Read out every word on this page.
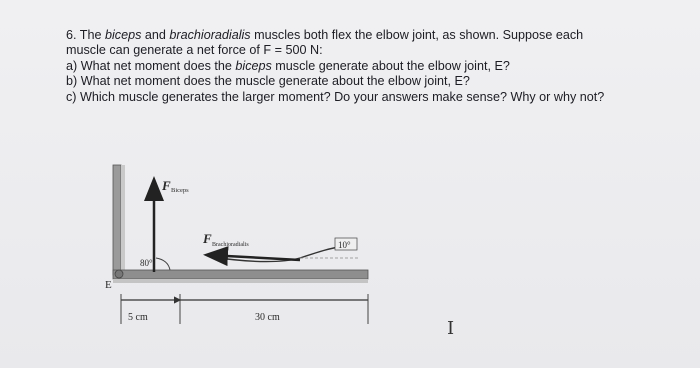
6. The biceps and brachioradialis muscles both flex the elbow joint, as shown. Suppose each
muscle can generate a net force of F = 500 N:
a) What net moment does the biceps muscle generate about the elbow joint, E?
b) What net moment does the muscle generate about the elbow joint, E?
c) Which muscle generates the larger moment? Do your answers make sense? Why or why not?
F Biceps
F Brachioradialis
80°
10°
E
5 cm	30 cm
I
